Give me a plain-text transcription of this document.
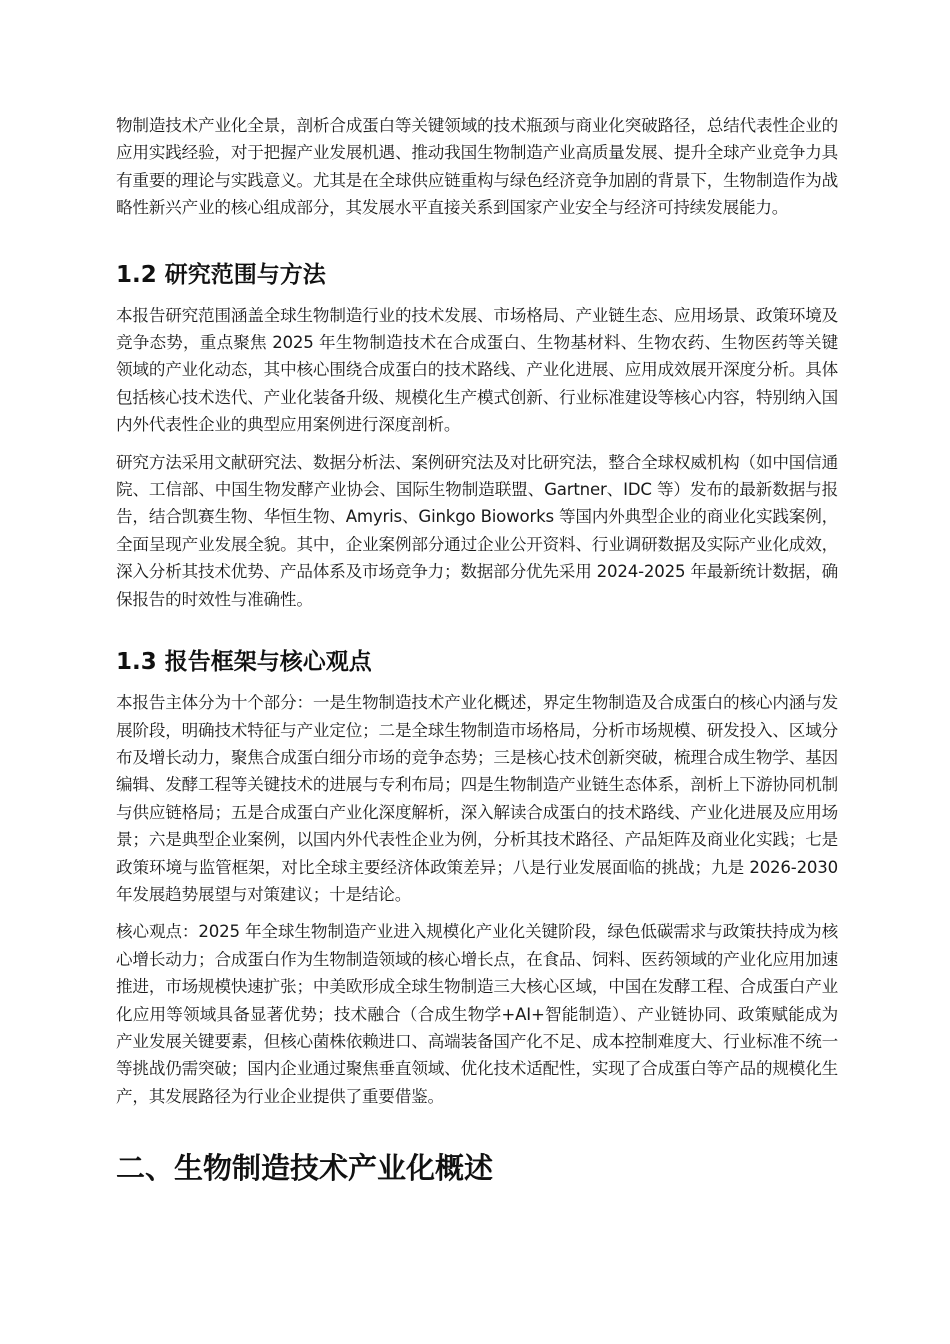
物制造技术产业化全景，剖析合成蛋白等关键领域的技术瓶颈与商业化突破路径，总结代表性企业的应用实践经验，对于把握产业发展机遇、推动我国生物制造产业高质量发展、提升全球产业竞争力具有重要的理论与实践意义。尤其是在全球供应链重构与绿色经济竞争加剧的背景下，生物制造作为战略性新兴产业的核心组成部分，其发展水平直接关系到国家产业安全与经济可持续发展能力。

1.2 研究范围与方法

本报告研究范围涵盖全球生物制造行业的技术发展、市场格局、产业链生态、应用场景、政策环境及竞争态势，重点聚焦 2025 年生物制造技术在合成蛋白、生物基材料、生物农药、生物医药等关键领域的产业化动态，其中核心围绕合成蛋白的技术路线、产业化进展、应用成效展开深度分析。具体包括核心技术迭代、产业化装备升级、规模化生产模式创新、行业标准建设等核心内容，特别纳入国内外代表性企业的典型应用案例进行深度剖析。

研究方法采用文献研究法、数据分析法、案例研究法及对比研究法，整合全球权威机构（如中国信通院、工信部、中国生物发酵产业协会、国际生物制造联盟、Gartner、IDC 等）发布的最新数据与报告，结合凯赛生物、华恒生物、Amyris、Ginkgo Bioworks 等国内外典型企业的商业化实践案例，全面呈现产业发展全貌。其中，企业案例部分通过企业公开资料、行业调研数据及实际产业化成效，深入分析其技术优势、产品体系及市场竞争力；数据部分优先采用 2024-2025 年最新统计数据，确保报告的时效性与准确性。

1.3 报告框架与核心观点

本报告主体分为十个部分：一是生物制造技术产业化概述，界定生物制造及合成蛋白的核心内涵与发展阶段，明确技术特征与产业定位；二是全球生物制造市场格局，分析市场规模、研发投入、区域分布及增长动力，聚焦合成蛋白细分市场的竞争态势；三是核心技术创新突破，梳理合成生物学、基因编辑、发酵工程等关键技术的进展与专利布局；四是生物制造产业链生态体系，剖析上下游协同机制与供应链格局；五是合成蛋白产业化深度解析，深入解读合成蛋白的技术路线、产业化进展及应用场景；六是典型企业案例，以国内外代表性企业为例，分析其技术路径、产品矩阵及商业化实践；七是政策环境与监管框架，对比全球主要经济体政策差异；八是行业发展面临的挑战；九是 2026-2030 年发展趋势展望与对策建议；十是结论。

核心观点：2025 年全球生物制造产业进入规模化产业化关键阶段，绿色低碳需求与政策扶持成为核心增长动力；合成蛋白作为生物制造领域的核心增长点，在食品、饲料、医药领域的产业化应用加速推进，市场规模快速扩张；中美欧形成全球生物制造三大核心区域，中国在发酵工程、合成蛋白产业化应用等领域具备显著优势；技术融合（合成生物学+AI+智能制造）、产业链协同、政策赋能成为产业发展关键要素，但核心菌株依赖进口、高端装备国产化不足、成本控制难度大、行业标准不统一等挑战仍需突破；国内企业通过聚焦垂直领域、优化技术适配性，实现了合成蛋白等产品的规模化生产，其发展路径为行业企业提供了重要借鉴。

二、生物制造技术产业化概述
